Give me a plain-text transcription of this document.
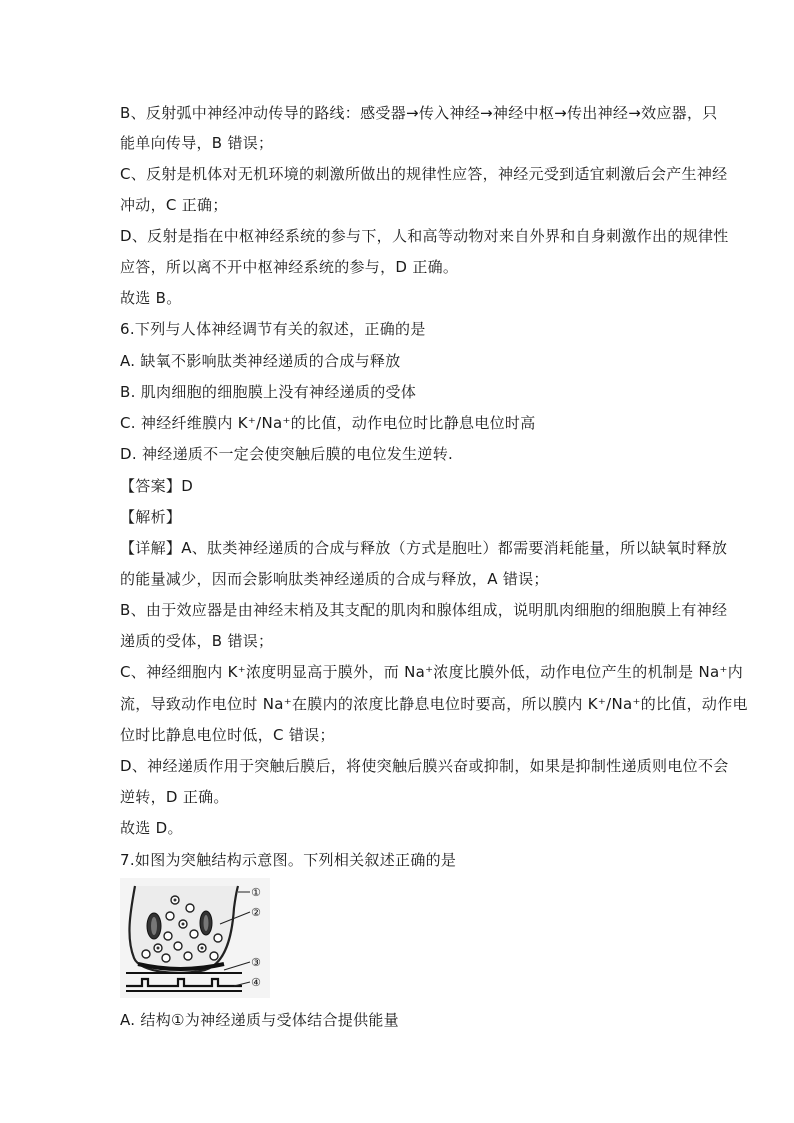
B、反射弧中神经冲动传导的路线：感受器→传入神经→神经中枢→传出神经→效应器，只
能单向传导，B 错误；
C、反射是机体对无机环境的刺激所做出的规律性应答，神经元受到适宜刺激后会产生神经
冲动，C 正确；
D、反射是指在中枢神经系统的参与下，人和高等动物对来自外界和自身刺激作出的规律性
应答，所以离不开中枢神经系统的参与，D 正确。
故选 B。
6.下列与人体神经调节有关的叙述，正确的是
A. 缺氧不影响肽类神经递质的合成与释放
B. 肌肉细胞的细胞膜上没有神经递质的受体
C. 神经纤维膜内 K⁺/Na⁺的比值，动作电位时比静息电位时高
D. 神经递质不一定会使突触后膜的电位发生逆转.
【答案】D
【解析】
【详解】A、肽类神经递质的合成与释放（方式是胞吐）都需要消耗能量，所以缺氧时释放
的能量减少，因而会影响肽类神经递质的合成与释放，A 错误；
B、由于效应器是由神经末梢及其支配的肌肉和腺体组成，说明肌肉细胞的细胞膜上有神经
递质的受体，B 错误；
C、神经细胞内 K⁺浓度明显高于膜外，而 Na⁺浓度比膜外低，动作电位产生的机制是 Na⁺内
流，导致动作电位时 Na⁺在膜内的浓度比静息电位时要高，所以膜内 K⁺/Na⁺的比值，动作电
位时比静息电位时低，C 错误；
D、神经递质作用于突触后膜后，将使突触后膜兴奋或抑制，如果是抑制性递质则电位不会
逆转，D 正确。
故选 D。
7.如图为突触结构示意图。下列相关叙述正确的是
①
②
③
④
A. 结构①为神经递质与受体结合提供能量
